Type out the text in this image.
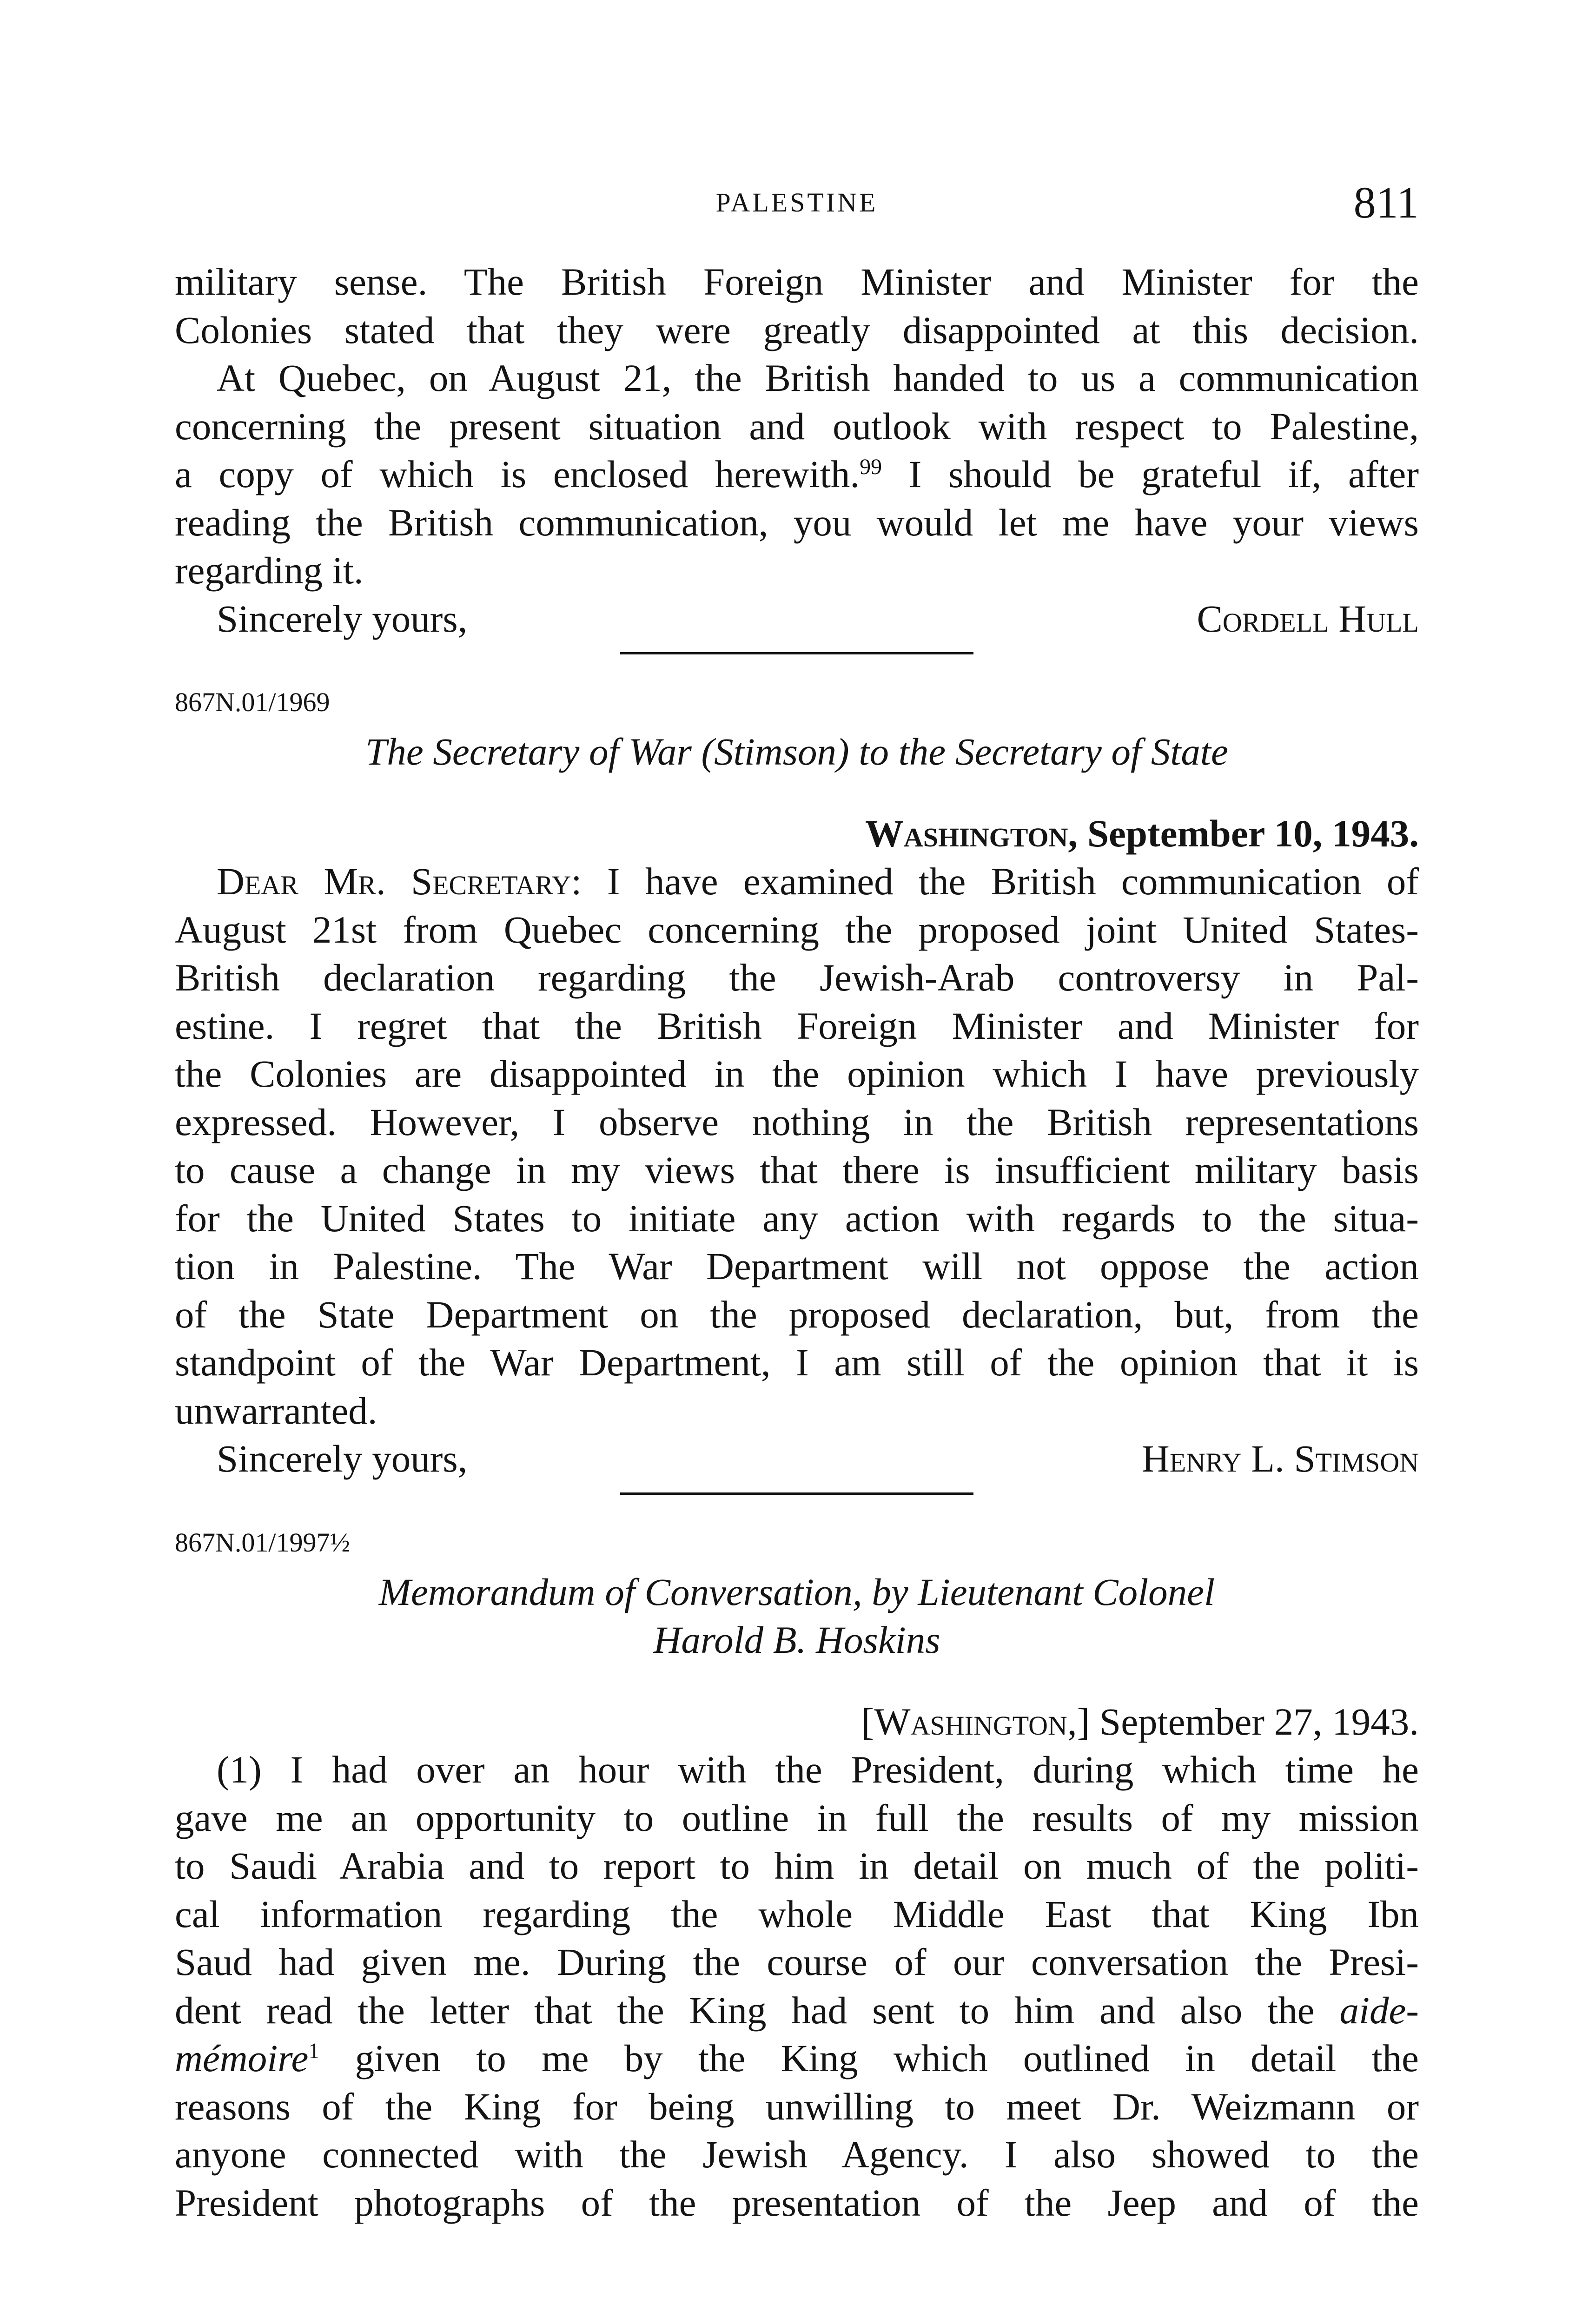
PALESTINE	811
military sense. The British Foreign Minister and Minister for the
Colonies stated that they were greatly disappointed at this decision.
At Quebec, on August 21, the British handed to us a communication
concerning the present situation and outlook with respect to Palestine,
a copy of which is enclosed herewith.$^{99}$ I should be grateful if, after
reading the British communication, you would let me have your views
regarding it.
Sincerely yours,	Cordell Hull
867N.01/1969
The Secretary of War (Stimson) to the Secretary of State
Washington, September 10, 1943.
Dear Mr. Secretary: I have examined the British communication of
August 21st from Quebec concerning the proposed joint United States-
British declaration regarding the Jewish-Arab controversy in Pal-
estine. I regret that the British Foreign Minister and Minister for
the Colonies are disappointed in the opinion which I have previously
expressed. However, I observe nothing in the British representations
to cause a change in my views that there is insufficient military basis
for the United States to initiate any action with regards to the situa-
tion in Palestine. The War Department will not oppose the action
of the State Department on the proposed declaration, but, from the
standpoint of the War Department, I am still of the opinion that it is
unwarranted.
Sincerely yours,	Henry L. Stimson
867N.01/1997½
Memorandum of Conversation, by Lieutenant Colonel
Harold B. Hoskins
[Washington,] September 27, 1943.
(1) I had over an hour with the President, during which time he
gave me an opportunity to outline in full the results of my mission
to Saudi Arabia and to report to him in detail on much of the politi-
cal information regarding the whole Middle East that King Ibn
Saud had given me. During the course of our conversation the Presi-
dent read the letter that the King had sent to him and also the aide-
mémoire$^1$ given to me by the King which outlined in detail the
reasons of the King for being unwilling to meet Dr. Weizmann or
anyone connected with the Jewish Agency. I also showed to the
President photographs of the presentation of the Jeep and of the
